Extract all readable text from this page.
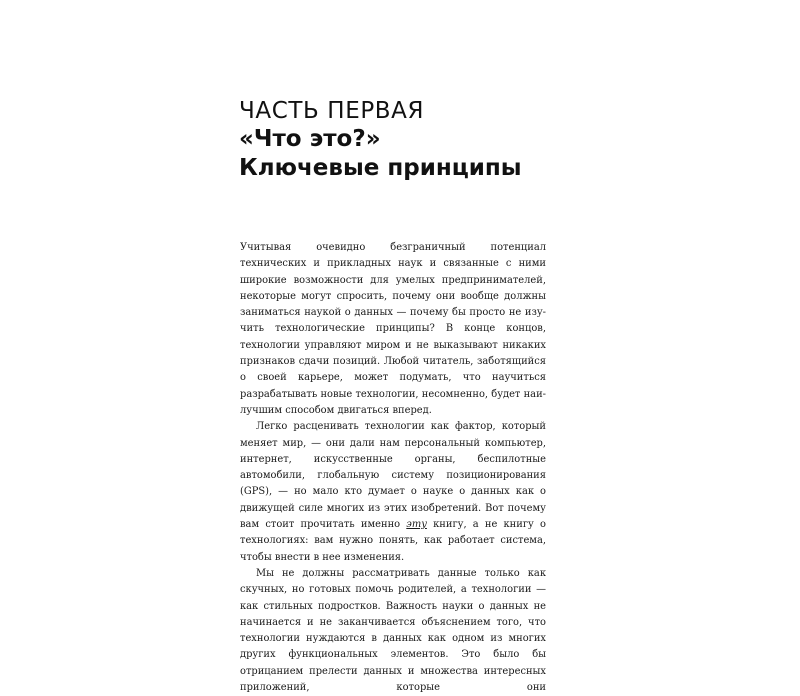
ЧАСТЬ ПЕРВАЯ
«Что это?»
Ключевые принципы

Учитывая очевидно безграничный потенциал технических и прикладных наук и связанные с ними широкие возможности для умелых предпринимателей, некоторые могут спросить, почему они вообще должны заниматься наукой о данных — почему бы просто не изучить технологические принципы? В конце концов, технологии управляют миром и не выказывают никаких признаков сдачи позиций. Любой читатель, заботящийся о своей карьере, может подумать, что научиться разрабатывать новые технологии, несомненно, будет наилучшим способом двигаться вперед.

Легко расценивать технологии как фактор, который меняет мир, — они дали нам персональный компьютер, интернет, искусственные органы, беспилотные автомобили, глобальную систему позиционирования (GPS), — но мало кто думает о науке о данных как о движущей силе многих из этих изобретений. Вот почему вам стоит прочитать именно эту книгу, а не книгу о технологиях: вам нужно понять, как работает система, чтобы внести в нее изменения.

Мы не должны рассматривать данные только как скучных, но готовых помочь родителей, а технологии — как стильных подростков. Важность науки о данных не начинается и не заканчивается объяснением того, что технологии нуждаются в данных как одном из многих других функциональных элементов. Это было бы отрицанием прелести данных и множества интересных приложений, которые они
